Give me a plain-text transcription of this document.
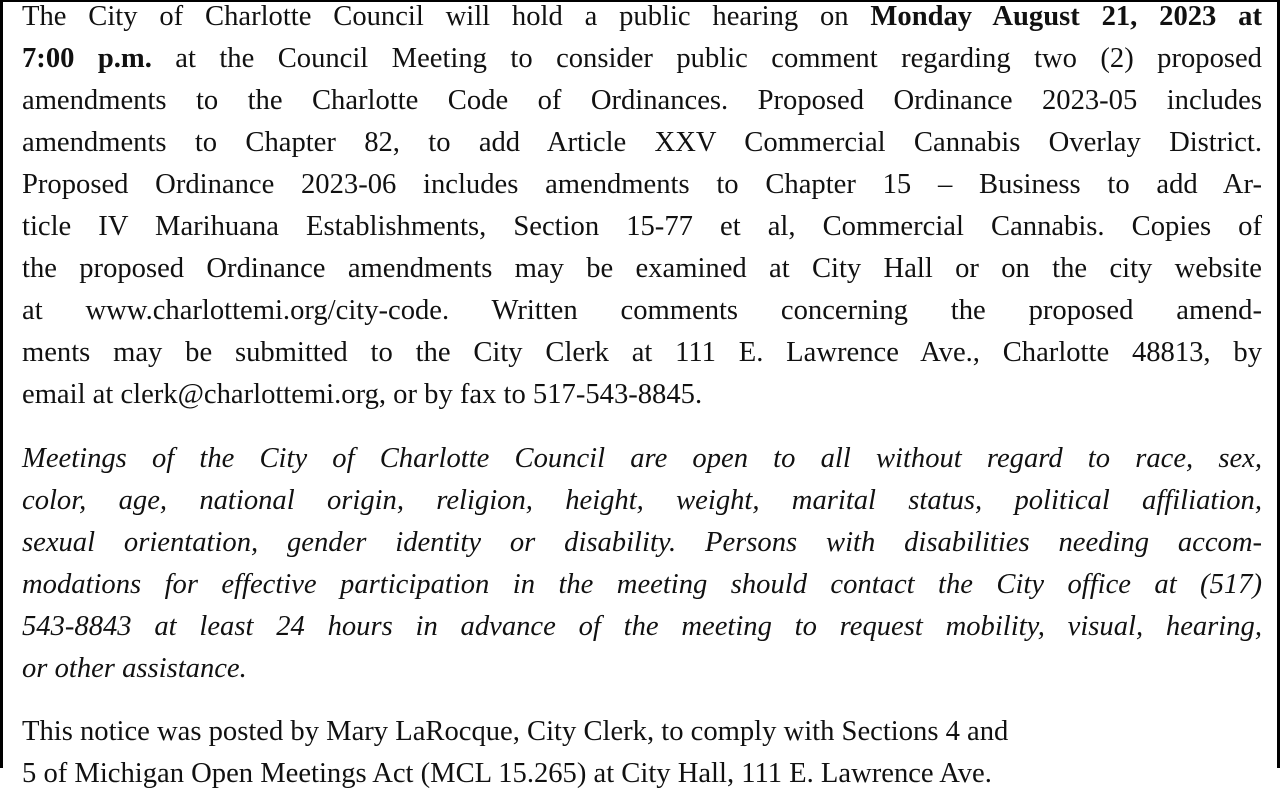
The City of Charlotte Council will hold a public hearing on Monday August 21, 2023 at
7:00 p.m. at the Council Meeting to consider public comment regarding two (2) proposed
amendments to the Charlotte Code of Ordinances. Proposed Ordinance 2023-05 includes
amendments to Chapter 82, to add Article XXV Commercial Cannabis Overlay District.
Proposed Ordinance 2023-06 includes amendments to Chapter 15 – Business to add Ar-
ticle IV Marihuana Establishments, Section 15-77 et al, Commercial Cannabis. Copies of
the proposed Ordinance amendments may be examined at City Hall or on the city website
at www.charlottemi.org/city-code. Written comments concerning the proposed amend-
ments may be submitted to the City Clerk at 111 E. Lawrence Ave., Charlotte 48813, by
email at clerk@charlottemi.org, or by fax to 517-543-8845.

Meetings of the City of Charlotte Council are open to all without regard to race, sex,
color, age, national origin, religion, height, weight, marital status, political affiliation,
sexual orientation, gender identity or disability. Persons with disabilities needing accom-
modations for effective participation in the meeting should contact the City office at (517)
543-8843 at least 24 hours in advance of the meeting to request mobility, visual, hearing,
or other assistance.

This notice was posted by Mary LaRocque, City Clerk, to comply with Sections 4 and
5 of Michigan Open Meetings Act (MCL 15.265) at City Hall, 111 E. Lawrence Ave.
